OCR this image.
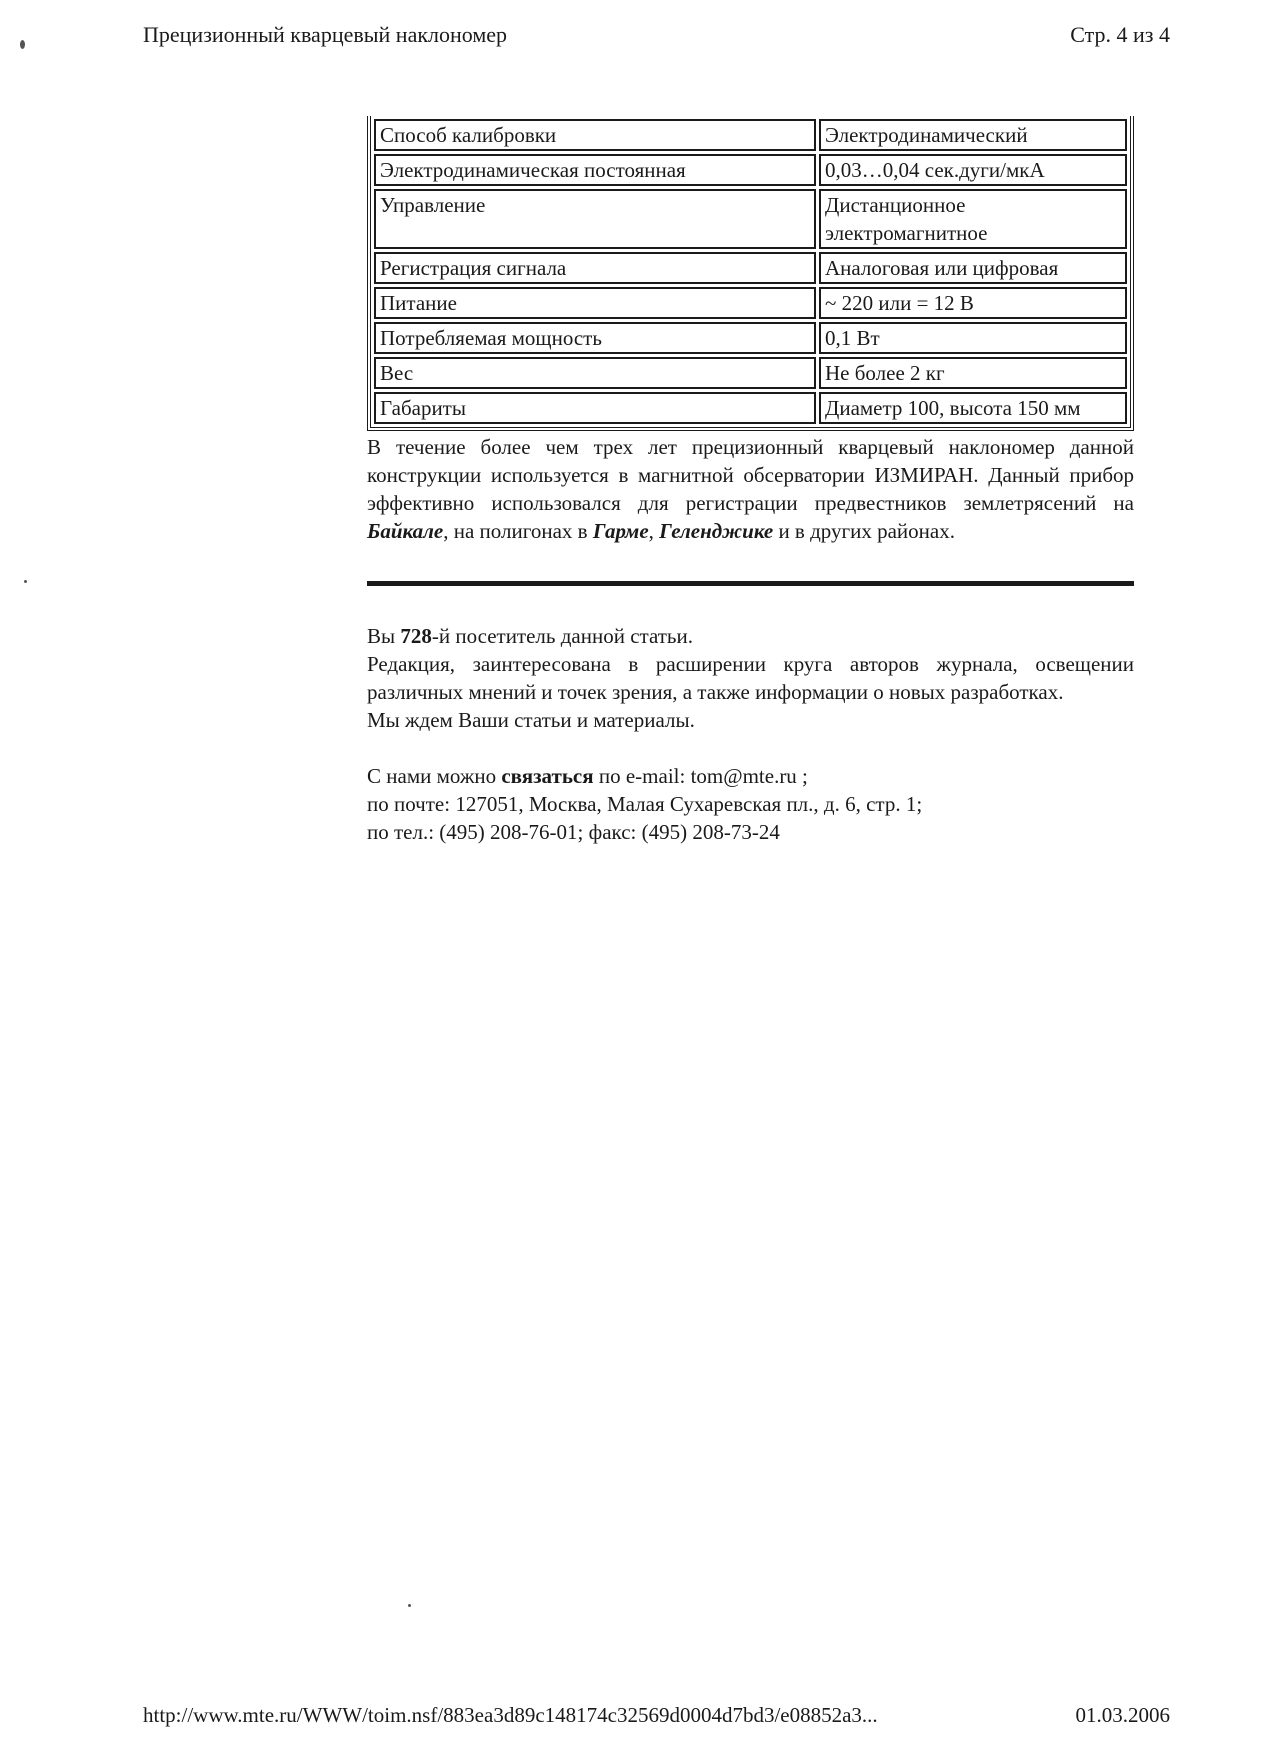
Прецизионный кварцевый наклономер	Стр. 4 из 4
Способ калибровки	Электродинамический
Электродинамическая постоянная	0,03…0,04 сек.дуги/мкА
Управление	Дистанционное электромагнитное
Регистрация сигнала	Аналоговая или цифровая
Питание	~ 220 или = 12 В
Потребляемая мощность	0,1 Вт
Вес	Не более 2 кг
Габариты	Диаметр 100, высота 150 мм

В течение более чем трех лет прецизионный кварцевый наклономер данной конструкции используется в магнитной обсерватории ИЗМИРАН. Данный прибор эффективно использовался для регистрации предвестников землетрясений на Байкале, на полигонах в Гарме, Геленджике и в других районах.

Вы 728-й посетитель данной статьи.

Редакция, заинтересована в расширении круга авторов журнала, освещении различных мнений и точек зрения, а также информации о новых разработках.

Мы ждем Ваши статьи и материалы.

С нами можно связаться по e-mail: tom@mte.ru ;

по почте: 127051, Москва, Малая Сухаревская пл., д. 6, стр. 1;

по тел.: (495) 208-76-01; факс: (495) 208-73-24

http://www.mte.ru/WWW/toim.nsf/883ea3d89c148174c32569d0004d7bd3/e08852a3...	01.03.2006
